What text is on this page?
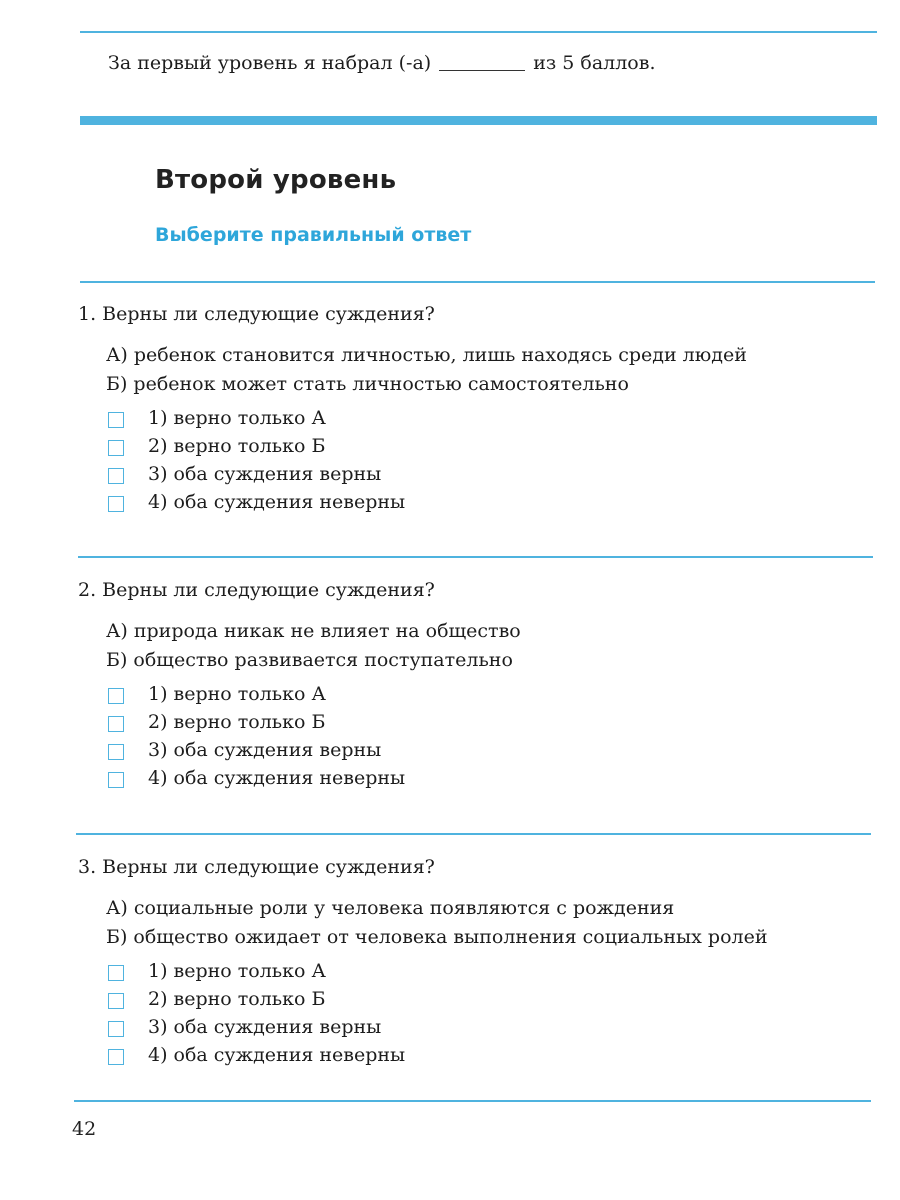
За первый уровень я набрал (-а)	из 5 баллов.
Второй уровень
Выберите правильный ответ

1. Верны ли следующие суждения?

А) ребенок становится личностью, лишь находясь среди людей
Б) ребенок может стать личностью самостоятельно
1) верно только А
2) верно только Б
3) оба суждения верны
4) оба суждения неверны

2. Верны ли следующие суждения?

А) природа никак не влияет на общество
Б) общество развивается поступательно
1) верно только А
2) верно только Б
3) оба суждения верны
4) оба суждения неверны

3. Верны ли следующие суждения?

А) социальные роли у человека появляются с рождения
Б) общество ожидает от человека выполнения социальных ролей
1) верно только А
2) верно только Б
3) оба суждения верны
4) оба суждения неверны
42
